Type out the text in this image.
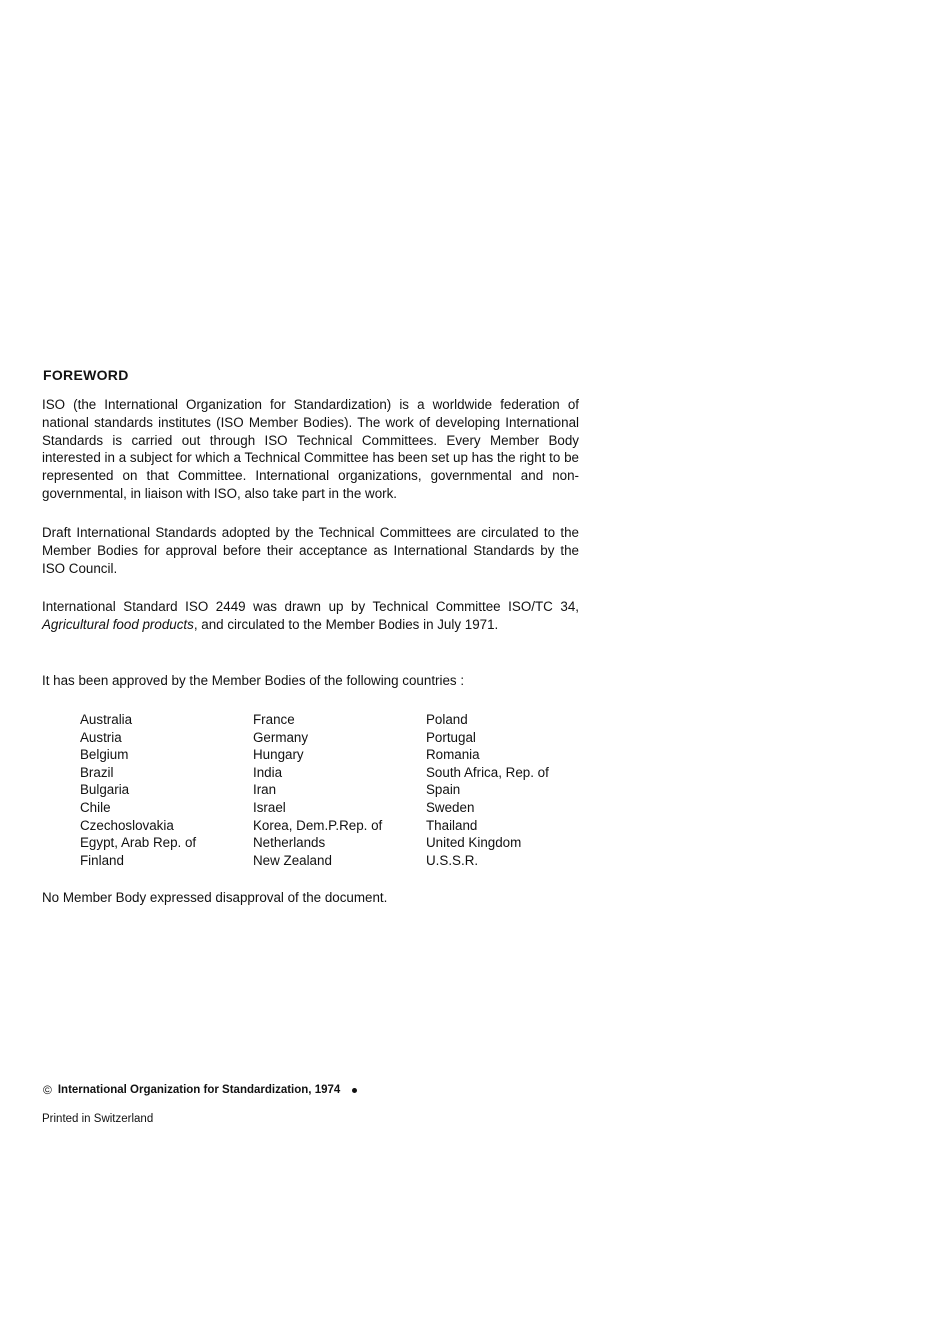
FOREWORD

ISO (the International Organization for Standardization) is a worldwide federation of national standards institutes (ISO Member Bodies). The work of developing International Standards is carried out through ISO Technical Committees. Every Member Body interested in a subject for which a Technical Committee has been set up has the right to be represented on that Committee. International organizations, governmental and non-governmental, in liaison with ISO, also take part in the work.

Draft International Standards adopted by the Technical Committees are circulated to the Member Bodies for approval before their acceptance as International Standards by the ISO Council.

International Standard ISO 2449 was drawn up by Technical Committee ISO/TC 34, Agricultural food products, and circulated to the Member Bodies in July 1971.

It has been approved by the Member Bodies of the following countries :

Australia
Austria
Belgium
Brazil
Bulgaria
Chile
Czechoslovakia
Egypt, Arab Rep. of
Finland
France
Germany
Hungary
India
Iran
Israel
Korea, Dem.P.Rep. of
Netherlands
New Zealand
Poland
Portugal
Romania
South Africa, Rep. of
Spain
Sweden
Thailand
United Kingdom
U.S.S.R.

No Member Body expressed disapproval of the document.

© International Organization for Standardization, 1974
Printed in Switzerland
